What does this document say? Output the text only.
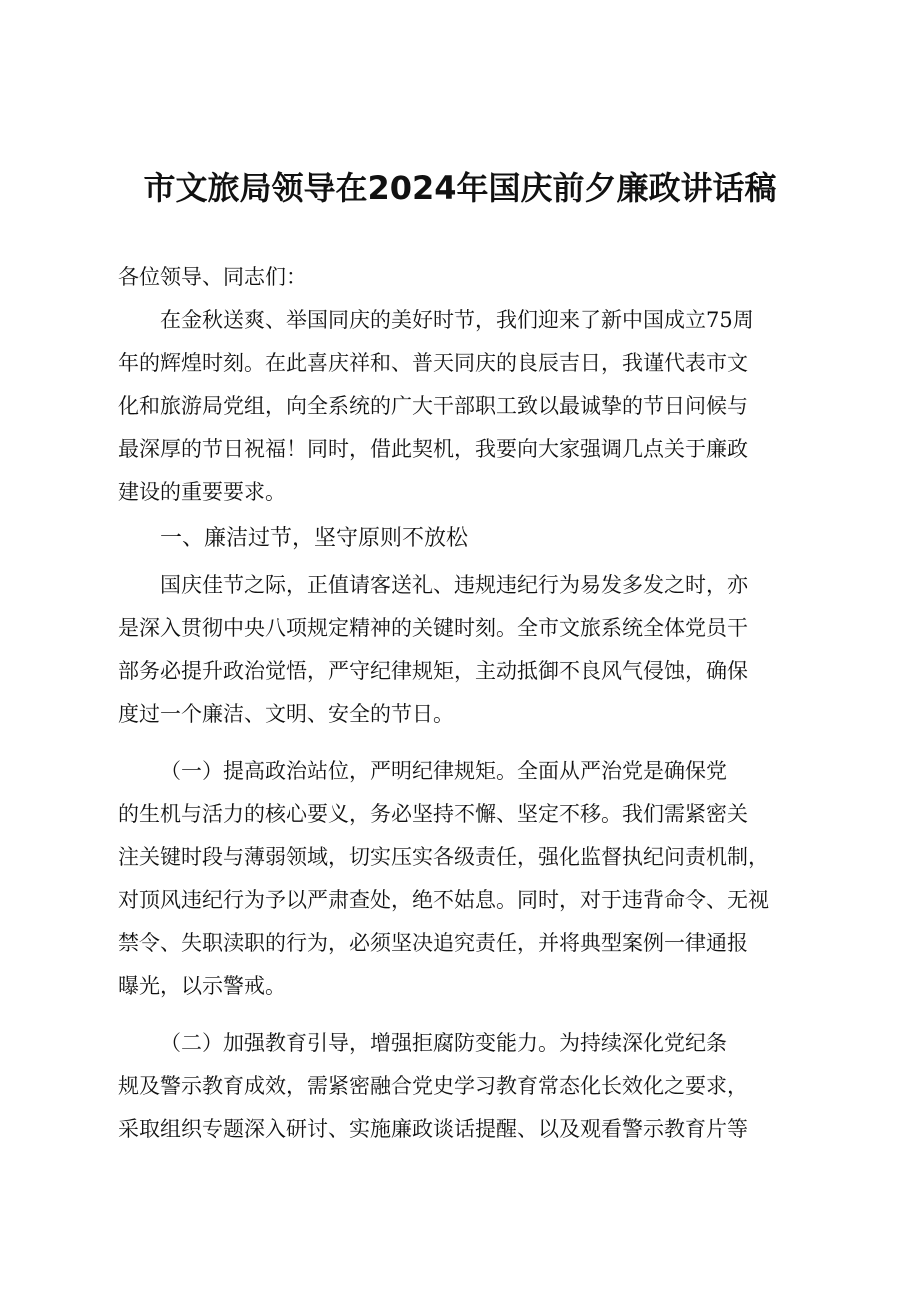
市文旅局领导在2024年国庆前夕廉政讲话稿
各位领导、同志们：
在金秋送爽、举国同庆的美好时节，我们迎来了新中国成立75周
年的辉煌时刻。在此喜庆祥和、普天同庆的良辰吉日，我谨代表市文
化和旅游局党组，向全系统的广大干部职工致以最诚挚的节日问候与
最深厚的节日祝福！同时，借此契机，我要向大家强调几点关于廉政
建设的重要要求。
一、廉洁过节，坚守原则不放松
国庆佳节之际，正值请客送礼、违规违纪行为易发多发之时，亦
是深入贯彻中央八项规定精神的关键时刻。全市文旅系统全体党员干
部务必提升政治觉悟，严守纪律规矩，主动抵御不良风气侵蚀，确保
度过一个廉洁、文明、安全的节日。
（一）提高政治站位，严明纪律规矩。全面从严治党是确保党
的生机与活力的核心要义，务必坚持不懈、坚定不移。我们需紧密关
注关键时段与薄弱领域，切实压实各级责任，强化监督执纪问责机制，
对顶风违纪行为予以严肃查处，绝不姑息。同时，对于违背命令、无视
禁令、失职渎职的行为，必须坚决追究责任，并将典型案例一律通报
曝光，以示警戒。
（二）加强教育引导，增强拒腐防变能力。为持续深化党纪条
规及警示教育成效，需紧密融合党史学习教育常态化长效化之要求，
采取组织专题深入研讨、实施廉政谈话提醒、以及观看警示教育片等
